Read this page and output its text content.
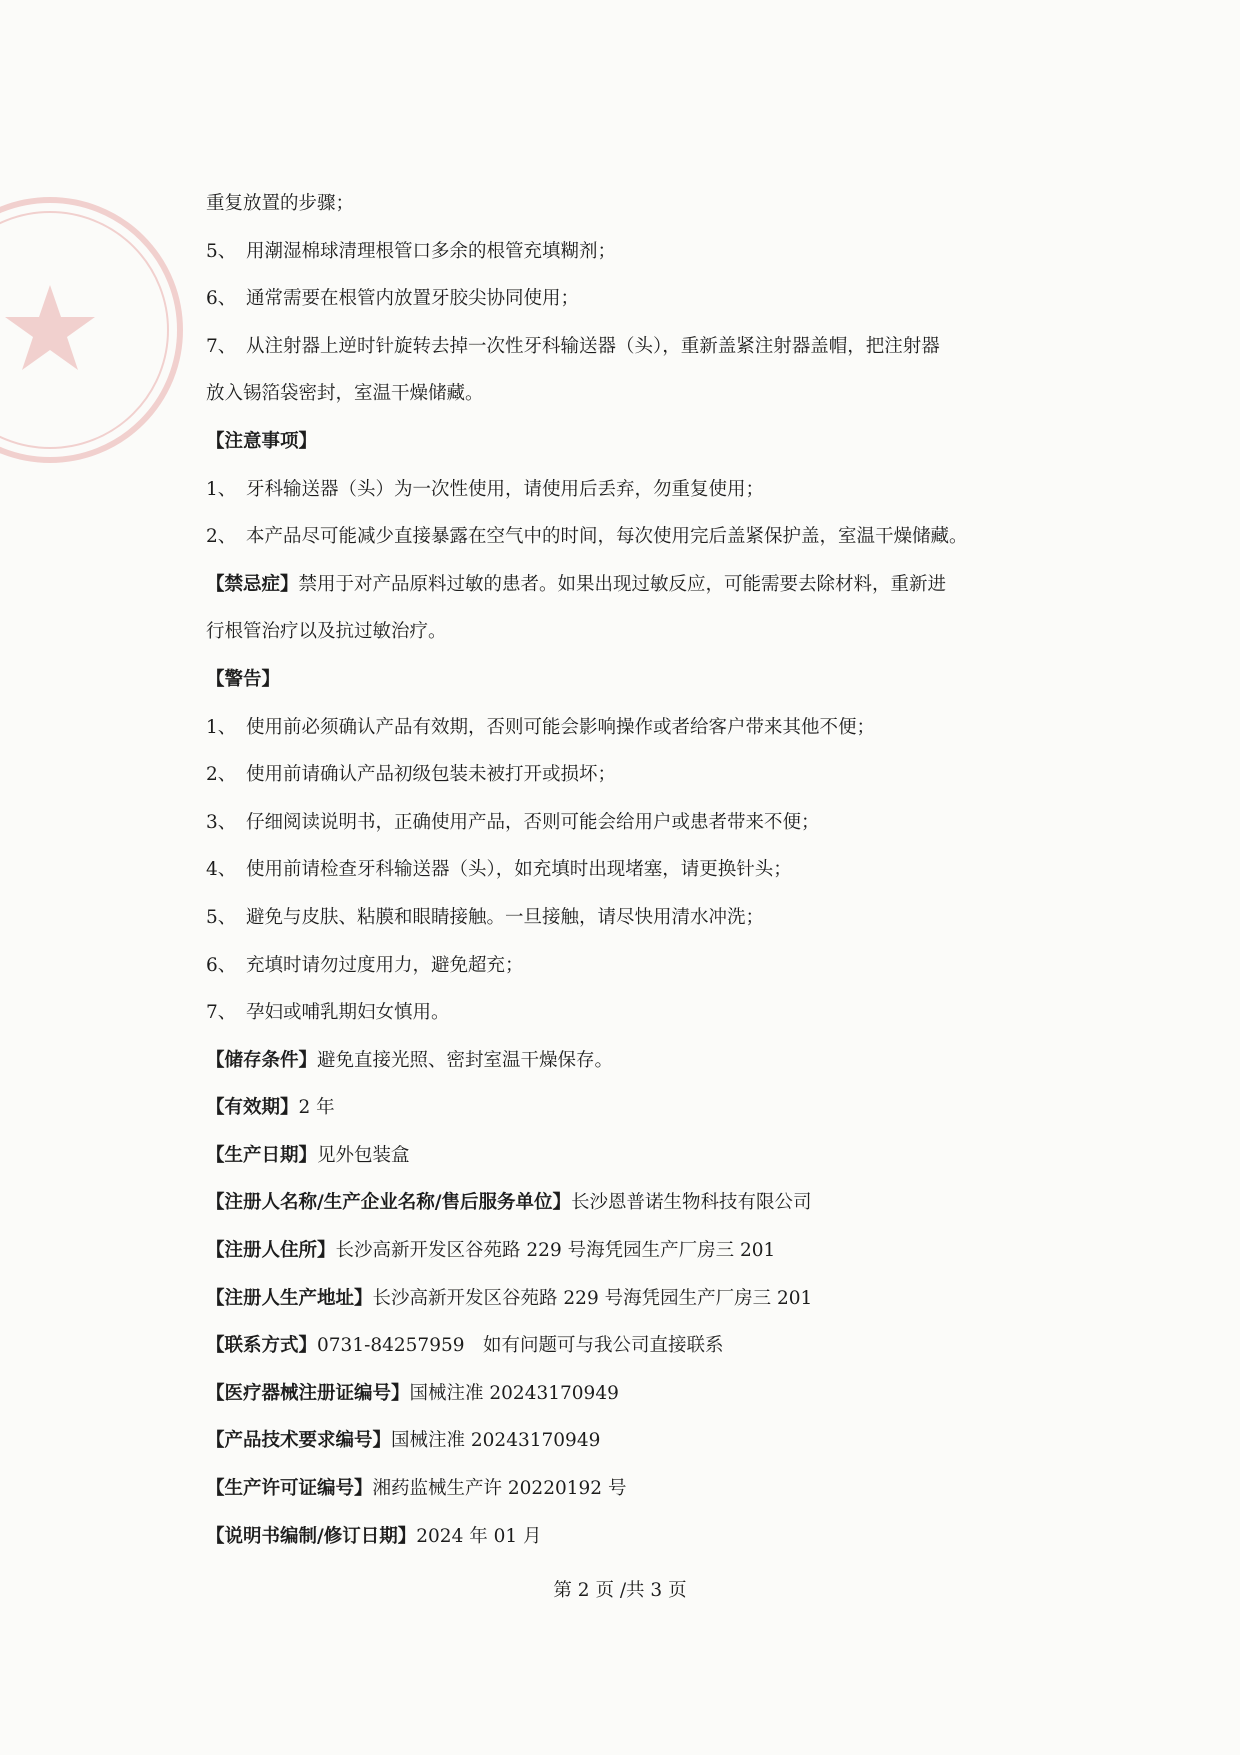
重复放置的步骤；
5、 用潮湿棉球清理根管口多余的根管充填糊剂；
6、 通常需要在根管内放置牙胶尖协同使用；
7、 从注射器上逆时针旋转去掉一次性牙科输送器（头），重新盖紧注射器盖帽，把注射器
放入锡箔袋密封，室温干燥储藏。
【注意事项】
1、 牙科输送器（头）为一次性使用，请使用后丢弃，勿重复使用；
2、 本产品尽可能减少直接暴露在空气中的时间，每次使用完后盖紧保护盖，室温干燥储藏。
【禁忌症】禁用于对产品原料过敏的患者。如果出现过敏反应，可能需要去除材料，重新进
行根管治疗以及抗过敏治疗。
【警告】
1、 使用前必须确认产品有效期，否则可能会影响操作或者给客户带来其他不便；
2、 使用前请确认产品初级包装未被打开或损坏；
3、 仔细阅读说明书，正确使用产品，否则可能会给用户或患者带来不便；
4、 使用前请检查牙科输送器（头），如充填时出现堵塞，请更换针头；
5、 避免与皮肤、粘膜和眼睛接触。一旦接触，请尽快用清水冲洗；
6、 充填时请勿过度用力，避免超充；
7、 孕妇或哺乳期妇女慎用。
【储存条件】避免直接光照、密封室温干燥保存。
【有效期】2 年
【生产日期】见外包装盒
【注册人名称/生产企业名称/售后服务单位】长沙恩普诺生物科技有限公司
【注册人住所】长沙高新开发区谷苑路 229 号海凭园生产厂房三 201
【注册人生产地址】长沙高新开发区谷苑路 229 号海凭园生产厂房三 201
【联系方式】0731-84257959　如有问题可与我公司直接联系
【医疗器械注册证编号】国械注准 20243170949
【产品技术要求编号】国械注准 20243170949
【生产许可证编号】湘药监械生产许 20220192 号
【说明书编制/修订日期】2024 年 01 月
第 2 页 /共 3 页
